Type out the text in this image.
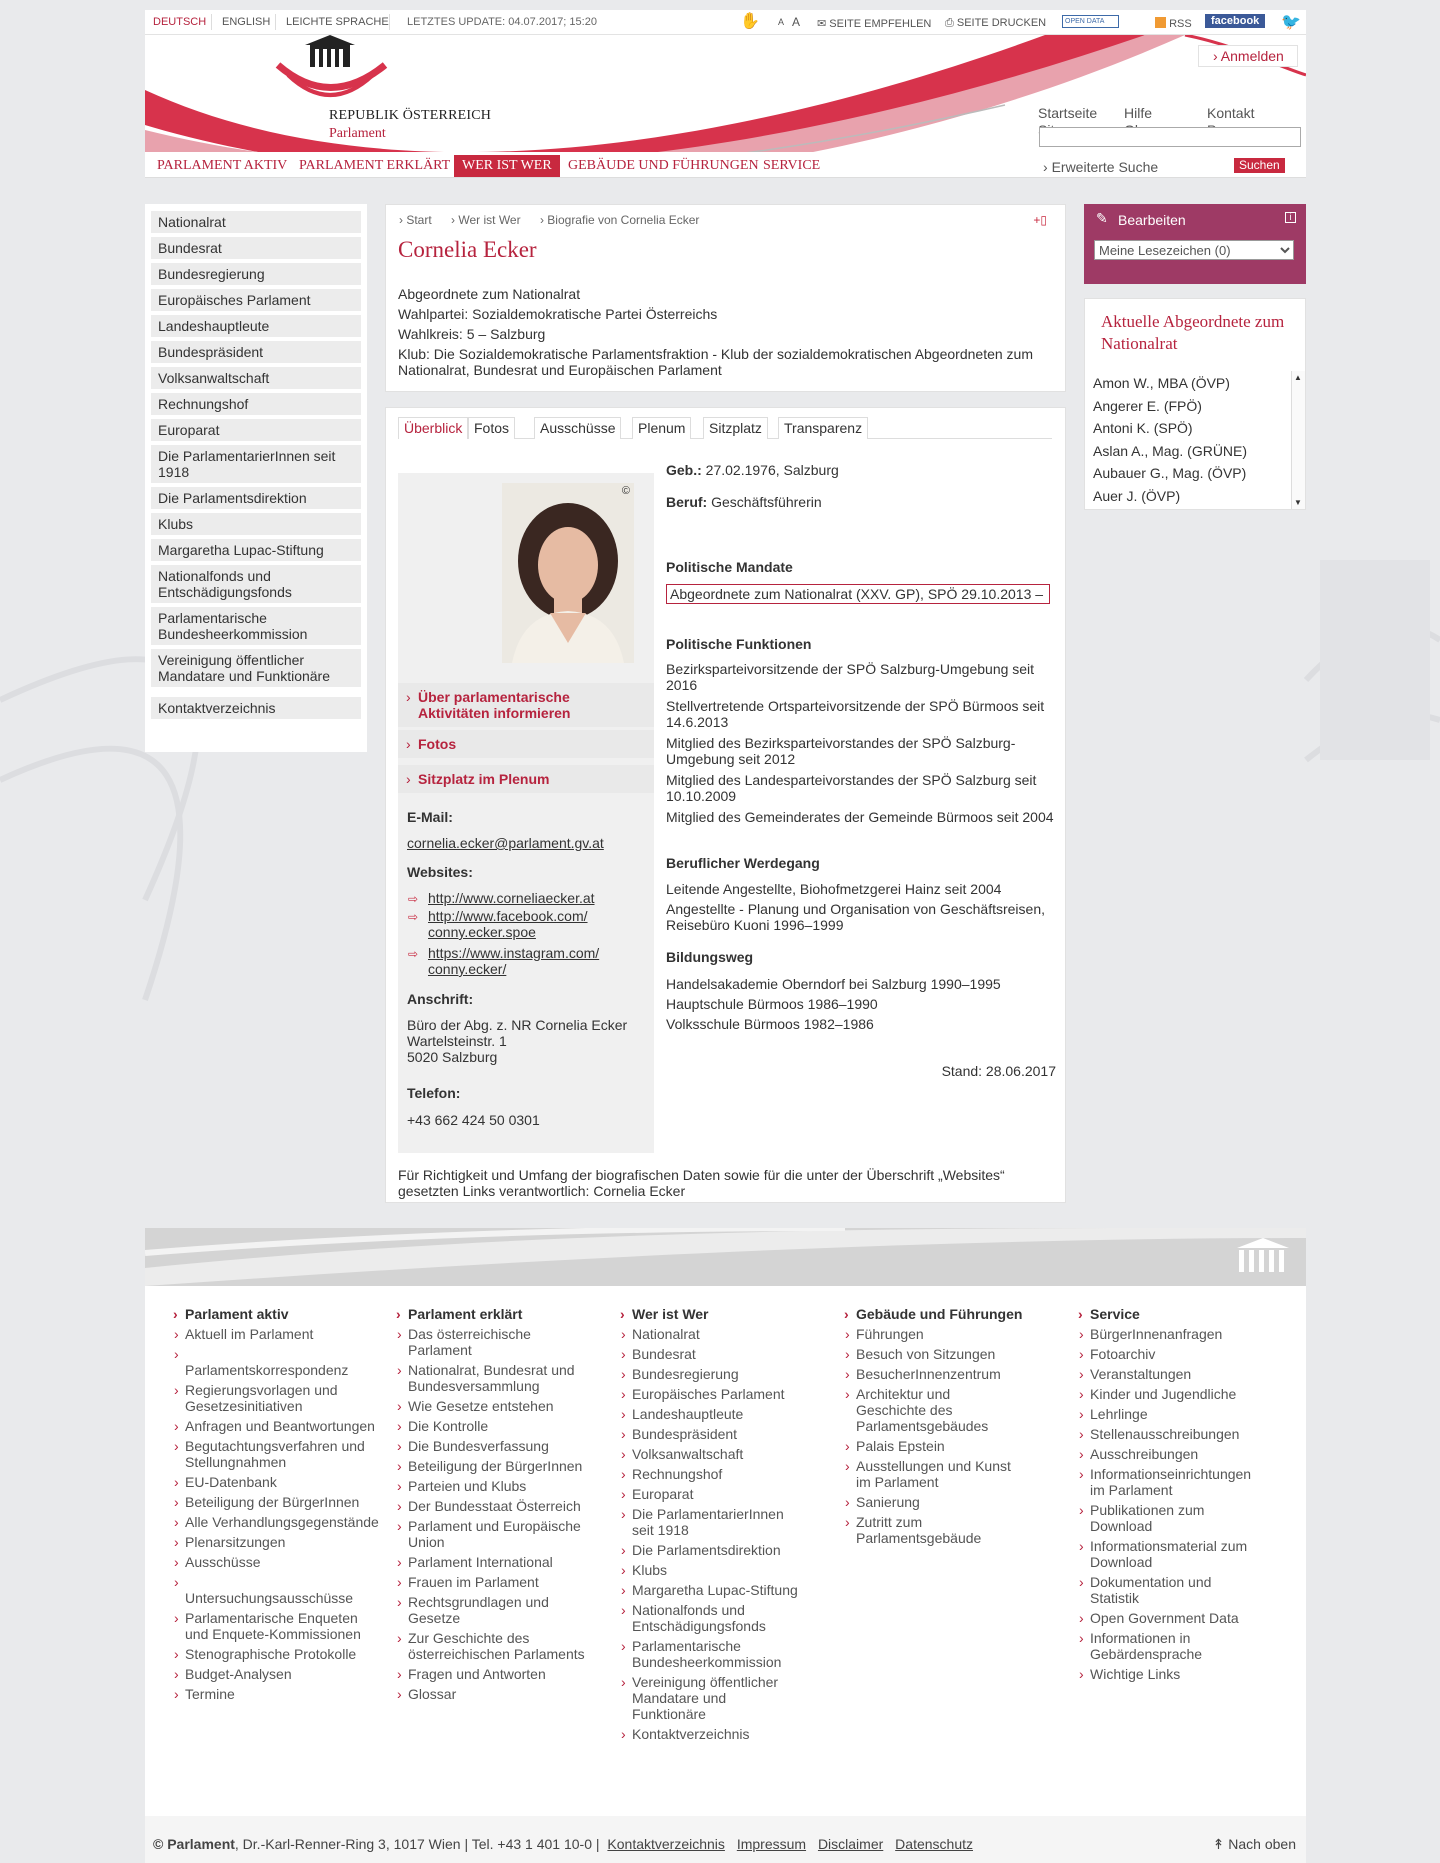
DEUTSCH ENGLISH LEICHTE SPRACHE LETZTES UPDATE: 04.07.2017; 15:20	✋ A A ✉ SEITE EMPFEHLEN ⎙ SEITE DRUCKEN	OPEN DATA	RSS	facebook	🐦
REPUBLIK ÖSTERREICH
Parlament
› Anmelden
Startseite Hilfe	Kontakt
PARLAMENT AKTIV PARLAMENT ERKLÄRT WER IST WER	GEBÄUDE UND FÜHRUNGEN SERVICE	› Erweiterte Suche	Suchen
Nationalrat
Bundesrat
Bundesregierung
Europäisches Parlament
Landeshauptleute
Bundespräsident
Volksanwaltschaft
Rechnungshof
Europarat
Die ParlamentarierInnen seit 1918
Die Parlamentsdirektion
Klubs
Margaretha Lupac-Stiftung
Nationalfonds und Entschädigungsfonds
Parlamentarische Bundesheerkommission
Vereinigung öffentlicher Mandatare und Funktionäre
Kontaktverzeichnis
› Start › Wer ist Wer › Biografie von Cornelia Ecker	+▯
Cornelia Ecker
Abgeordnete zum Nationalrat
Wahlpartei: Sozialdemokratische Partei Österreichs
Wahlkreis: 5 – Salzburg
Klub: Die Sozialdemokratische Parlamentsfraktion - Klub der sozialdemokratischen Abgeordneten zum Nationalrat, Bundesrat und Europäischen Parlament
Überblick Fotos	Ausschüsse	Plenum	Sitzplatz	Transparenz
©
› Über parlamentarische Aktivitäten informieren
› Fotos
› Sitzplatz im Plenum
E-Mail:
cornelia.ecker@parlament.gv.at
Websites:
⇨ http://www.corneliaecker.at
⇨ http://www.facebook.com/ conny.ecker.spoe
⇨ https://www.instagram.com/ conny.ecker/
Anschrift:
Büro der Abg. z. NR Cornelia Ecker
Wartelsteinstr. 1
5020 Salzburg
Telefon:
+43 662 424 50 0301
Geb.: 27.02.1976, Salzburg
Beruf: Geschäftsführerin
Politische Mandate
Abgeordnete zum Nationalrat (XXV. GP), SPÖ 29.10.2013 –
Politische Funktionen
Bezirksparteivorsitzende der SPÖ Salzburg-Umgebung seit 2016
Stellvertretende Ortsparteivorsitzende der SPÖ Bürmoos seit 14.6.2013
Mitglied des Bezirksparteivorstandes der SPÖ Salzburg-Umgebung seit 2012
Mitglied des Landesparteivorstandes der SPÖ Salzburg seit 10.10.2009
Mitglied des Gemeinderates der Gemeinde Bürmoos seit 2004
Beruflicher Werdegang
Leitende Angestellte, Biohofmetzgerei Hainz seit 2004
Angestellte - Planung und Organisation von Geschäftsreisen, Reisebüro Kuoni 1996–1999
Bildungsweg
Handelsakademie Oberndorf bei Salzburg 1990–1995
Hauptschule Bürmoos 1986–1990
Volksschule Bürmoos 1982–1986
Stand: 28.06.2017
Für Richtigkeit und Umfang der biografischen Daten sowie für die unter der Überschrift „Websites“ gesetzten Links verantwortlich: Cornelia Ecker
✎ Bearbeiten	i
Meine Lesezeichen (0)
Aktuelle Abgeordnete zum Nationalrat
Amon W., MBA (ÖVP)
Angerer E. (FPÖ)
Antoni K. (SPÖ)
Aslan A., Mag. (GRÜNE)
Aubauer G., Mag. (ÖVP)
Auer J. (ÖVP)
▲
▼
› Parlament aktiv
› Aktuell im Parlament

› Parlamentskorrespondenz
› Regierungsvorlagen und Gesetzesinitiativen
› Anfragen und Beantwortungen
› Begutachtungsverfahren und Stellungnahmen
› EU-Datenbank
› Beteiligung der BürgerInnen
› Alle Verhandlungsgegenstände
› Plenarsitzungen
› Ausschüsse

› Untersuchungsausschüsse
› Parlamentarische Enqueten und Enquete-Kommissionen
› Stenographische Protokolle
› Budget-Analysen
› Termine
› Parlament erklärt
› Das österreichische Parlament
› Nationalrat, Bundesrat und Bundesversammlung
› Wie Gesetze entstehen
› Die Kontrolle
› Die Bundesverfassung
› Beteiligung der BürgerInnen
› Parteien und Klubs
› Der Bundesstaat Österreich
› Parlament und Europäische Union
› Parlament International
› Frauen im Parlament
› Rechtsgrundlagen und Gesetze
› Zur Geschichte des österreichischen Parlaments
› Fragen und Antworten
› Glossar
› Wer ist Wer
› Nationalrat
› Bundesrat
› Bundesregierung
› Europäisches Parlament
› Landeshauptleute
› Bundespräsident
› Volksanwaltschaft
› Rechnungshof
› Europarat
› Die ParlamentarierInnen seit 1918
› Die Parlamentsdirektion
› Klubs
› Margaretha Lupac-Stiftung
› Nationalfonds und Entschädigungsfonds
› Parlamentarische Bundesheerkommission
› Vereinigung öffentlicher Mandatare und Funktionäre
› Kontaktverzeichnis
› Gebäude und Führungen
› Führungen
› Besuch von Sitzungen
› BesucherInnenzentrum
› Architektur und Geschichte des Parlamentsgebäudes
› Palais Epstein
› Ausstellungen und Kunst im Parlament
› Sanierung
› Zutritt zum Parlamentsgebäude
› Service
› BürgerInnenanfragen
› Fotoarchiv
› Veranstaltungen
› Kinder und Jugendliche
› Lehrlinge
› Stellenausschreibungen
› Ausschreibungen
› Informationseinrichtungen im Parlament
› Publikationen zum Download
› Informationsmaterial zum Download
› Dokumentation und Statistik
› Open Government Data
› Informationen in Gebärdensprache
› Wichtige Links
© Parlament, Dr.-Karl-Renner-Ring 3, 1017 Wien | Tel. +43 1 401 10-0 | Kontaktverzeichnis Impressum Disclaimer Datenschutz	↟ Nach oben
